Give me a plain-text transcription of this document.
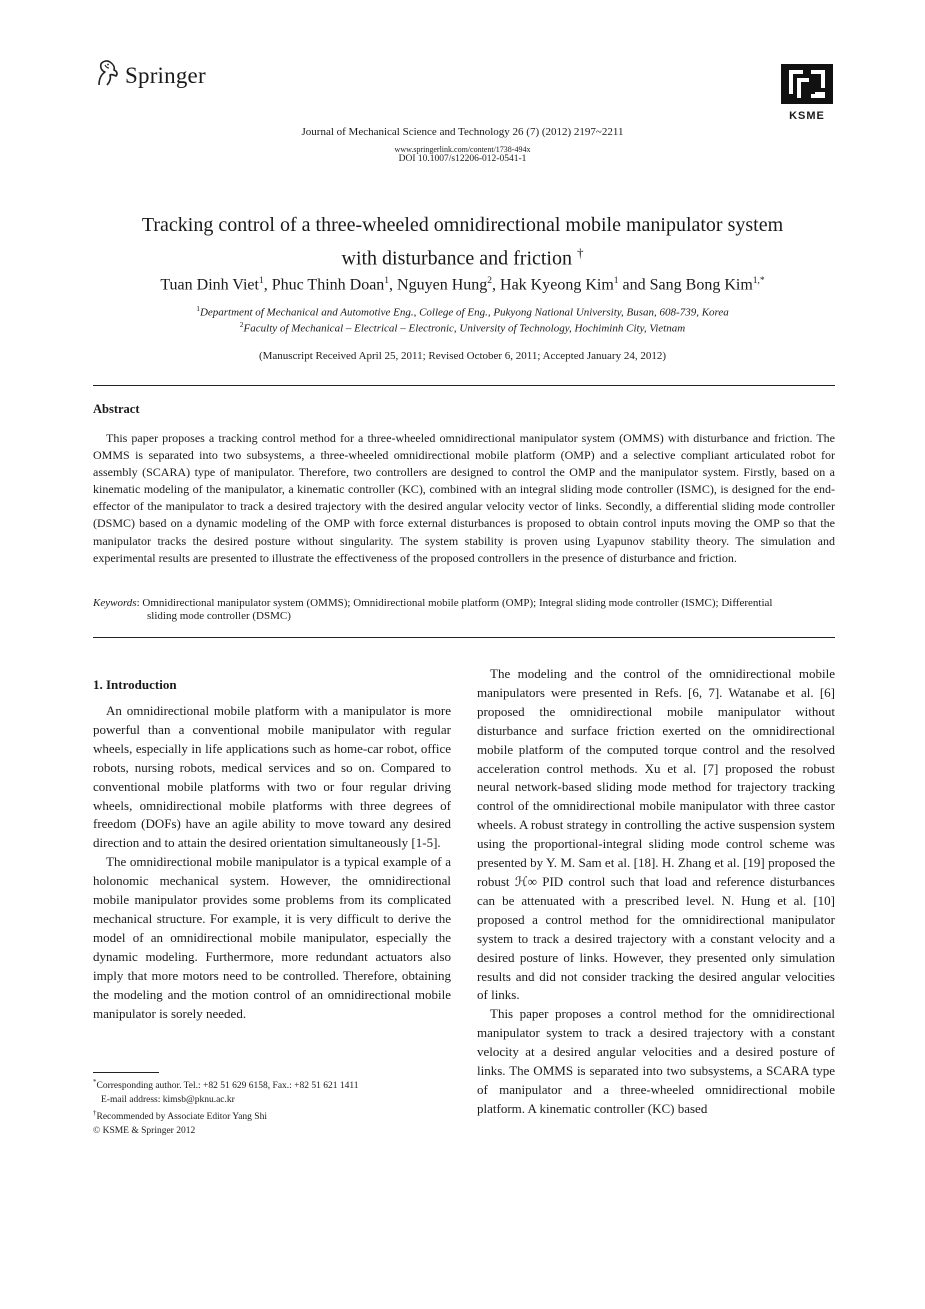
Springer
KSME
Journal of Mechanical Science and Technology 26 (7) (2012) 2197~2211
www.springerlink.com/content/1738-494x
DOI 10.1007/s12206-012-0541-1
Tracking control of a three-wheeled omnidirectional mobile manipulator system
with disturbance and friction †
Tuan Dinh Viet$^1$, Phuc Thinh Doan$^1$, Nguyen Hung$^2$, Hak Kyeong Kim$^1$ and Sang Bong Kim$^{1,*}$
$^1$Department of Mechanical and Automotive Eng., College of Eng., Pukyong National University, Busan, 608-739, Korea
$^2$Faculty of Mechanical – Electrical – Electronic, University of Technology, Hochiminh City, Vietnam
(Manuscript Received April 25, 2011; Revised October 6, 2011; Accepted January 24, 2012)
Abstract

This paper proposes a tracking control method for a three-wheeled omnidirectional manipulator system (OMMS) with disturbance and friction. The OMMS is separated into two subsystems, a three-wheeled omnidirectional mobile platform (OMP) and a selective compliant articulated robot for assembly (SCARA) type of manipulator. Therefore, two controllers are designed to control the OMP and the manipulator system. Firstly, based on a kinematic modeling of the manipulator, a kinematic controller (KC), combined with an integral sliding mode controller (ISMC), is designed for the end-effector of the manipulator to track a desired trajectory with the desired angular velocity vector of links. Secondly, a differential sliding mode controller (DSMC) based on a dynamic modeling of the OMP with force external disturbances is proposed to obtain control inputs moving the OMP so that the manipulator tracks the desired posture without singularity. The system stability is proven using Lyapunov stability theory. The simulation and experimental results are presented to illustrate the effectiveness of the proposed controllers in the presence of disturbance and friction.

Keywords : Omnidirectional manipulator system (OMMS); Omnidirectional mobile platform (OMP); Integral sliding mode controller (ISMC); Differential
sliding mode controller (DSMC)
1. Introduction

An omnidirectional mobile platform with a manipulator is more powerful than a conventional mobile manipulator with regular wheels, especially in life applications such as home-car robot, office robots, nursing robots, medical services and so on. Compared to conventional mobile platforms with two or four regular driving wheels, omnidirectional mobile platforms with three degrees of freedom (DOFs) have an agile ability to move toward any desired direction and to attain the desired orientation simultaneously [1-5].

The omnidirectional mobile manipulator is a typical example of a holonomic mechanical system. However, the omnidirectional mobile manipulator provides some problems from its complicated mechanical structure. For example, it is very difficult to derive the model of an omnidirectional mobile manipulator, especially the dynamic modeling. Furthermore, more redundant actuators also imply that more motors need to be controlled. Therefore, obtaining the modeling and the motion control of an omnidirectional mobile manipulator is sorely needed.

The modeling and the control of the omnidirectional mobile manipulators were presented in Refs. [6, 7]. Watanabe et al. [6] proposed the omnidirectional mobile manipulator without disturbance and surface friction exerted on the omnidirectional mobile platform of the computed torque control and the resolved acceleration control methods. Xu et al. [7] proposed the robust neural network-based sliding mode method for trajectory tracking control of the omnidirectional mobile manipulator with three castor wheels. A robust strategy in controlling the active suspension system using the proportional-integral sliding mode control scheme was presented by Y. M. Sam et al. [18]. H. Zhang et al. [19] proposed the robust ℋ∞ PID control such that load and reference disturbances can be attenuated with a prescribed level. N. Hung et al. [10] proposed a control method for the omnidirectional manipulator system to track a desired trajectory with a constant velocity and a desired posture of links. However, they presented only simulation results and did not consider tracking the desired angular velocities of links.

This paper proposes a control method for the omnidirectional manipulator system to track a desired trajectory with a constant velocity at a desired angular velocities and a desired posture of links. The OMMS is separated into two subsystems, a SCARA type of manipulator and a three-wheeled omnidirectional mobile platform. A kinematic controller (KC) based

*Corresponding author. Tel.: +82 51 629 6158, Fax.: +82 51 621 1411
E-mail address: kimsb@pknu.ac.kr
†Recommended by Associate Editor Yang Shi
© KSME & Springer 2012
